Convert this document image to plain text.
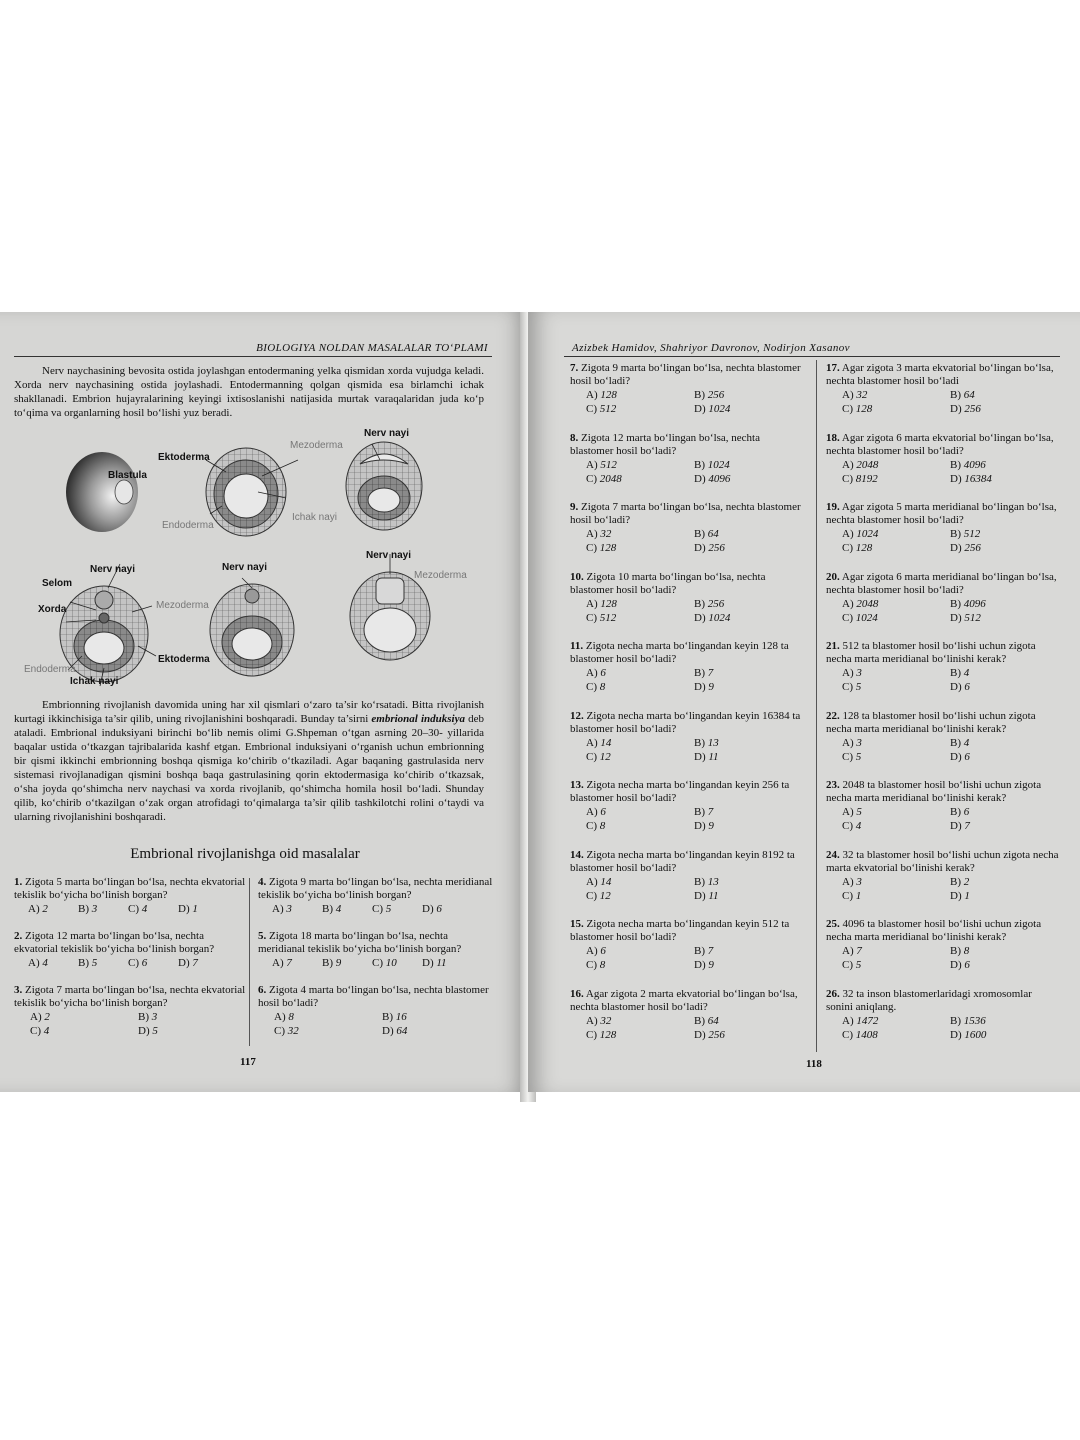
BIOLOGIYA NOLDAN MASALALAR TO‘PLAMI

Nerv naychasining bevosita ostida joylashgan entodermaning yelka qismidan xorda vujudga keladi. Xorda nerv naychasining ostida joylashadi. Entodermanning qolgan qismida esa birlamchi ichak shakllanadi. Embrion hujayralarining keyingi ixtisoslanishi natijasida murtak varaqalaridan juda ko‘p to‘qima va organlarning hosil bo‘lishi yuz beradi.

Blastula
Ektoderma
Mezoderma
Nerv nayi
Ichak nayi
Endoderma
Nerv nayi	Nerv nayi
Nerv nayi
Mezoderma
Selom
Xorda	Mezoderma
Ektoderma
Endoderma
Ichak nayi

Embrionning rivojlanish davomida uning har xil qismlari o‘zaro ta’sir ko‘rsatadi. Bitta rivojlanish kurtagi ikkinchisiga ta’sir qilib, uning rivojlanishini boshqaradi. Bunday ta’sirni embrional induksiya deb ataladi. Embrional induksiyani birinchi bo‘lib nemis olimi G.Shpeman o‘tgan asrning 20–30- yillarida baqalar ustida o‘tkazgan tajribalarida kashf etgan. Embrional induksiyani o‘rganish uchun embrionning bir qismi ikkinchi embrionning boshqa qismiga ko‘chirib o‘tkaziladi. Agar baqaning gastrulasida nerv sistemasi rivojlanadigan qismini boshqa baqa gastrulasining qorin ektodermasiga ko‘chirib o‘tkazsak, o‘sha joyda qo‘shimcha nerv naychasi va xorda rivojlanib, qo‘shimcha homila hosil bo‘ladi. Shunday qilib, ko‘chirib o‘tkazilgan o‘zak organ atrofidagi to‘qimalarga ta’sir qilib tashkilotchi rolini o‘taydi va ularning rivojlanishini boshqaradi.

Embrional rivojlanishga oid masalalar
1. Zigota 5 marta bo‘lingan bo‘lsa, nechta ekvatorial tekislik bo‘yicha bo‘linish borgan?
A) 2	B) 3	C) 4	D) 1
2. Zigota 12 marta bo‘lingan bo‘lsa, nechta ekvatorial tekislik bo‘yicha bo‘linish borgan?
A) 4	B) 5	C) 6	D) 7
3. Zigota 7 marta bo‘lingan bo‘lsa, nechta ekvatorial tekislik bo‘yicha bo‘linish borgan?
A) 2	B) 3
C) 4	D) 5
4. Zigota 9 marta bo‘lingan bo‘lsa, nechta meridianal tekislik bo‘yicha bo‘linish borgan?
A) 3	B) 4	C) 5	D) 6
5. Zigota 18 marta bo‘lingan bo‘lsa, nechta meridianal tekislik bo‘yicha bo‘linish borgan?
A) 7	B) 9	C) 10	D) 11
6. Zigota 4 marta bo‘lingan bo‘lsa, nechta blastomer hosil bo‘ladi?
A) 8	B) 16
C) 32	D) 64
117
Azizbek Hamidov, Shahriyor Davronov, Nodirjon Xasanov
7. Zigota 9 marta bo‘lingan bo‘lsa, nechta blastomer hosil bo‘ladi?
A) 128	B) 256
C) 512	D) 1024
8. Zigota 12 marta bo‘lingan bo‘lsa, nechta blastomer hosil bo‘ladi?
A) 512	B) 1024
C) 2048	D) 4096
9. Zigota 7 marta bo‘lingan bo‘lsa, nechta blastomer hosil bo‘ladi?
A) 32	B) 64
C) 128	D) 256
10. Zigota 10 marta bo‘lingan bo‘lsa, nechta blastomer hosil bo‘ladi?
A) 128	B) 256
C) 512	D) 1024
11. Zigota necha marta bo‘lingandan keyin 128 ta blastomer hosil bo‘ladi?
A) 6	B) 7
C) 8	D) 9
12. Zigota necha marta bo‘lingandan keyin 16384 ta blastomer hosil bo‘ladi?
A) 14	B) 13
C) 12	D) 11
13. Zigota necha marta bo‘lingandan keyin 256 ta blastomer hosil bo‘ladi?
A) 6	B) 7
C) 8	D) 9
14. Zigota necha marta bo‘lingandan keyin 8192 ta blastomer hosil bo‘ladi?
A) 14	B) 13
C) 12	D) 11
15. Zigota necha marta bo‘lingandan keyin 512 ta blastomer hosil bo‘ladi?
A) 6	B) 7
C) 8	D) 9
16. Agar zigota 2 marta ekvatorial bo‘lingan bo‘lsa, nechta blastomer hosil bo‘ladi?
A) 32	B) 64
C) 128	D) 256
17. Agar zigota 3 marta ekvatorial bo‘lingan bo‘lsa, nechta blastomer hosil bo‘ladi
A) 32	B) 64
C) 128	D) 256
18. Agar zigota 6 marta ekvatorial bo‘lingan bo‘lsa, nechta blastomer hosil bo‘ladi?
A) 2048	B) 4096
C) 8192	D) 16384
19. Agar zigota 5 marta meridianal bo‘lingan bo‘lsa, nechta blastomer hosil bo‘ladi?
A) 1024	B) 512
C) 128	D) 256
20. Agar zigota 6 marta meridianal bo‘lingan bo‘lsa, nechta blastomer hosil bo‘ladi?
A) 2048	B) 4096
C) 1024	D) 512
21. 512 ta blastomer hosil bo‘lishi uchun zigota necha marta meridianal bo‘linishi kerak?
A) 3	B) 4
C) 5	D) 6
22. 128 ta blastomer hosil bo‘lishi uchun zigota necha marta meridianal bo‘linishi kerak?
A) 3	B) 4
C) 5	D) 6
23. 2048 ta blastomer hosil bo‘lishi uchun zigota necha marta meridianal bo‘linishi kerak?
A) 5	B) 6
C) 4	D) 7
24. 32 ta blastomer hosil bo‘lishi uchun zigota necha marta ekvatorial bo‘linishi kerak?
A) 3	B) 2
C) 1	D) 1
25. 4096 ta blastomer hosil bo‘lishi uchun zigota necha marta meridianal bo‘linishi kerak?
A) 7	B) 8
C) 5	D) 6
26. 32 ta inson blastomerlaridagi xromosomlar sonini aniqlang.
A) 1472	B) 1536
C) 1408	D) 1600
118
